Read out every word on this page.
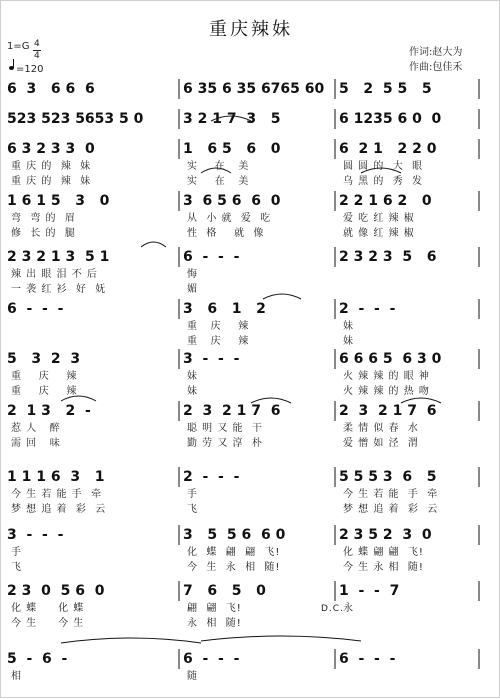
重庆辣妹
1=G 4
4
=120
作词:赵大为
作曲:包佳禾
6  3   6 6  6	6 35 6 35 6765 60 5   2  5 5   5
523 523 5653 5 0	3 2 1 7  3   5	6 1235 6 0  0
6 3 2 3 3  0
重 庆 的  辣  妹
重 庆 的  辣  妹
1   6 5   6   0
实    在   美
实    在   美
6  2 1   2 2 0
圆 圆 的  大  眼
乌 黑 的  秀  发
1 6 1 5   3   0
弯  弯 的  眉
修  长 的  腿
3  6 5 6  6  0
从  小 就  爱  吃
性  格    就  像
2 2 1 6 2   0
爱 吃 红 辣 椒
就 像 红 辣 椒
2 3 2 1 3  5 1
辣 出 眼 泪 不 后
一 袭 红 衫  好  妩
6  -  -  -
悔
媚
2 3 2 3  5   6
6  -  -  -	3   6   1   2
重   庆    辣
重   庆    辣
2  -  -  -
妹
妹
5   3  2  3
重    庆    辣
重    庆    辣
3  -  -  -
妹
妹
6 6 6 5  6 3 0
火 辣 辣 的 眼 神
火 辣 辣 的 热 吻
2  1 3   2  -
惹 人   醉
需 回   味
2  3  2 1 7  6
聪 明 又 能  干
勤 劳 又 淳  朴
2  3  2 1 7  6
柔 情 似 春  水
爱 憎 如 泾  渭
1 1 1 6  3   1
今 生 若 能 手  牵
梦 想 追 着  彩  云
2  -  -  -
手
飞
5 5 5 3  6   5
今 生 若 能  手  牵
梦 想 追 着  彩  云
3  -  -  -
手
飞
3   5  5 6  6 0
化  蝶  翩  翩  飞!
今  生  永  相  随!
2 3 5 2  3  0
化 蝶 翩 翩  飞!
今 生 永 相  随!
2 3  0  5 6  0
化 蝶     化 蝶
今 生     今 生
7   6   5   0
翩  翩  飞!
永  相  随!
1  -  -  7
永
5  -  6  -
相
6  -  -  -
随
6  -  -  -
D.C.
